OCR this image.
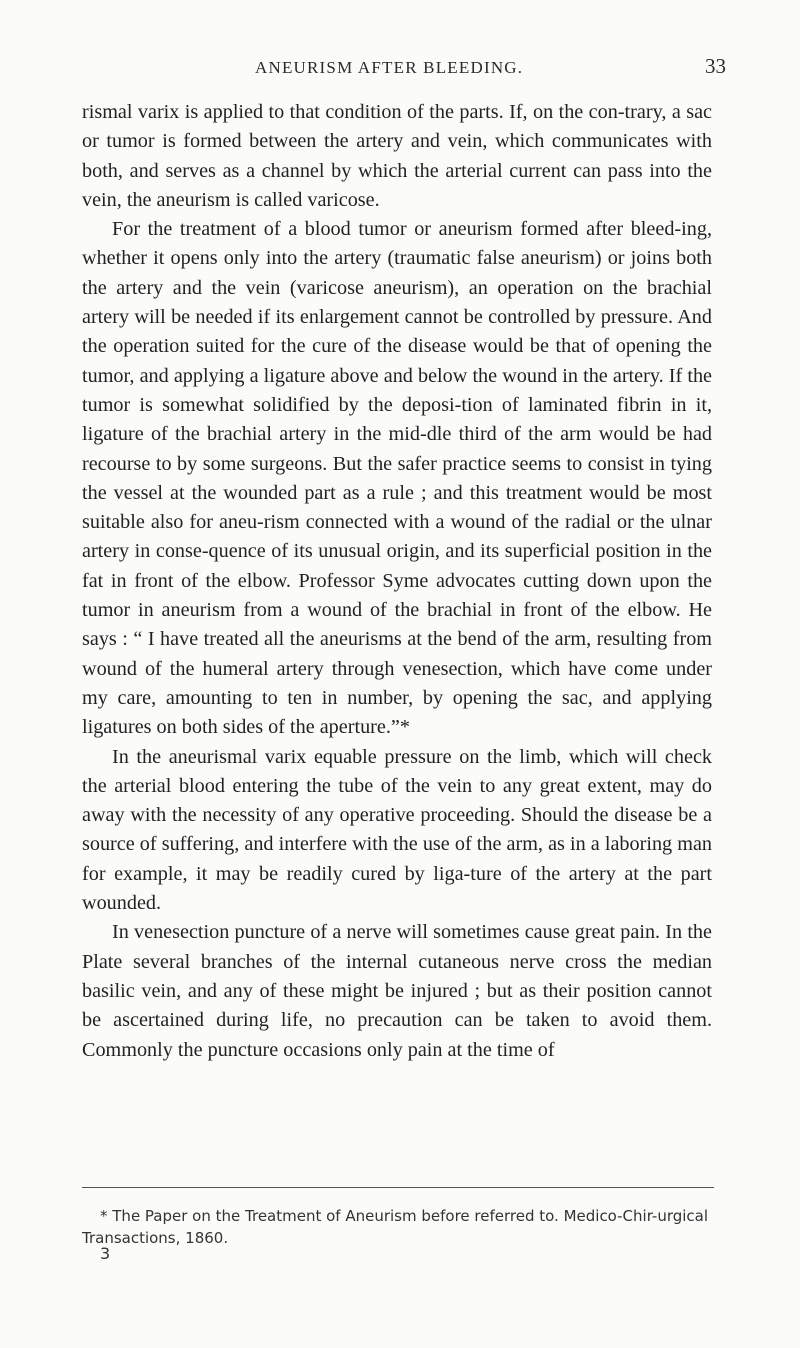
ANEURISM AFTER BLEEDING.	33

rismal varix is applied to that condition of the parts. If, on the con-trary, a sac or tumor is formed between the artery and vein, which communicates with both, and serves as a channel by which the arterial current can pass into the vein, the aneurism is called varicose.

For the treatment of a blood tumor or aneurism formed after bleed-ing, whether it opens only into the artery (traumatic false aneurism) or joins both the artery and the vein (varicose aneurism), an operation on the brachial artery will be needed if its enlargement cannot be controlled by pressure. And the operation suited for the cure of the disease would be that of opening the tumor, and applying a ligature above and below the wound in the artery. If the tumor is somewhat solidified by the deposi-tion of laminated fibrin in it, ligature of the brachial artery in the mid-dle third of the arm would be had recourse to by some surgeons. But the safer practice seems to consist in tying the vessel at the wounded part as a rule ; and this treatment would be most suitable also for aneu-rism connected with a wound of the radial or the ulnar artery in conse-quence of its unusual origin, and its superficial position in the fat in front of the elbow. Professor Syme advocates cutting down upon the tumor in aneurism from a wound of the brachial in front of the elbow. He says : “ I have treated all the aneurisms at the bend of the arm, resulting from wound of the humeral artery through venesection, which have come under my care, amounting to ten in number, by opening the sac, and applying ligatures on both sides of the aperture.”*

In the aneurismal varix equable pressure on the limb, which will check the arterial blood entering the tube of the vein to any great extent, may do away with the necessity of any operative proceeding. Should the disease be a source of suffering, and interfere with the use of the arm, as in a laboring man for example, it may be readily cured by liga-ture of the artery at the part wounded.

In venesection puncture of a nerve will sometimes cause great pain. In the Plate several branches of the internal cutaneous nerve cross the median basilic vein, and any of these might be injured ; but as their position cannot be ascertained during life, no precaution can be taken to avoid them. Commonly the puncture occasions only pain at the time of

* The Paper on the Treatment of Aneurism before referred to. Medico-Chir-urgical Transactions, 1860.

3
